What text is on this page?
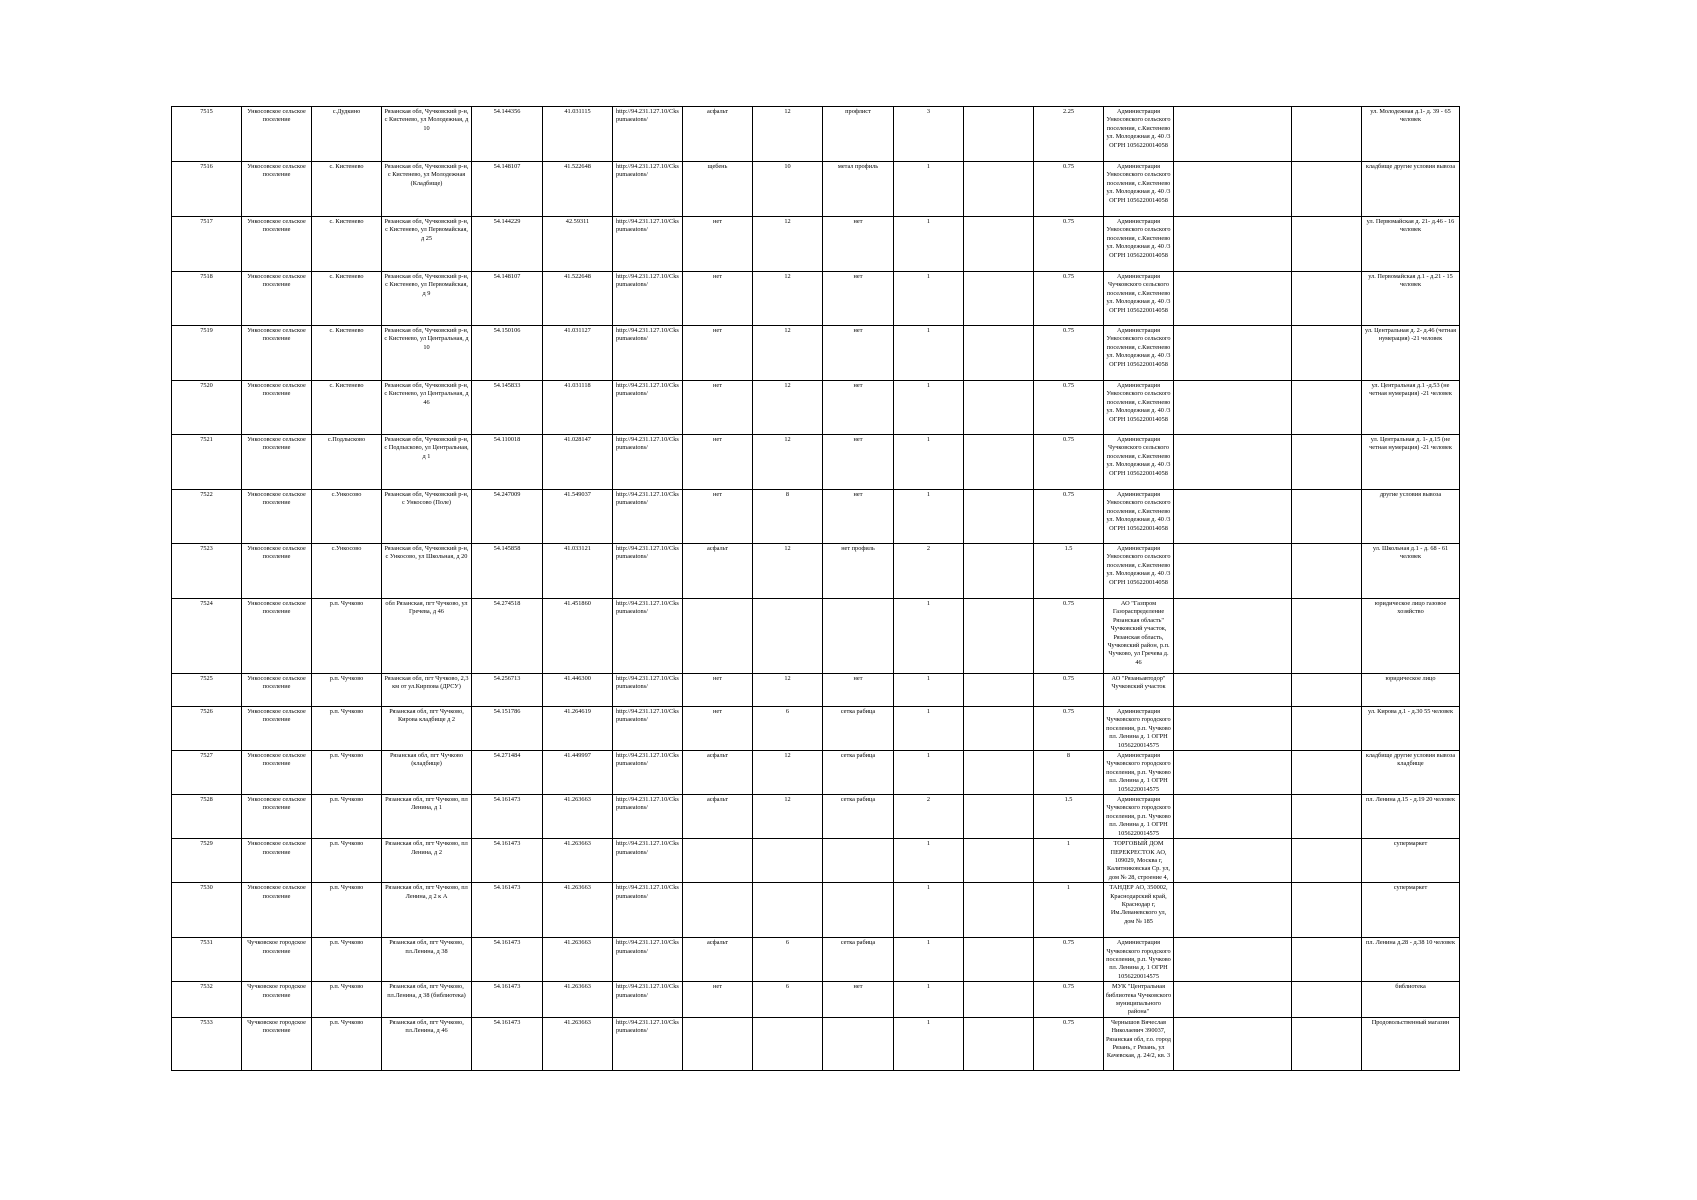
7515	Ункосовское сельское поселение	с.Дудкино	Рязанская обл, Чучковский р-н, с Кистенево, ул Молодежная, д 10	54.144356	41.031115	http://94.231.127.10/Ckspumaeatons/	асфальт	12	профлист	3		2.25	Администрация Ункосовского сельского поселения, с.Кистенево ул. Молодежная д. 40 /3 ОГРН 1056220014058			ул. Молодежная д.1- д. 39 - 65 человек
7516	Ункосовское сельское поселение	с. Кистенево	Рязанская обл, Чучковский р-н, с Кистенево, ул Молодежная (Кладбище)	54.148107	41.522648	http://94.231.127.10/Ckspumaeatons/	щебень	10	метал профиль	1		0.75	Администрация Ункосовского сельского поселения, с.Кистенево ул. Молодежная д. 40 /3 ОГРН 1056220014058			кладбище другие условия вывоза
7517	Ункосовское сельское поселение	с. Кистенево	Рязанская обл, Чучковский р-н, с Кистенево, ул Первомайская, д 25	54.144229	42.59311	http://94.231.127.10/Ckspumaeatons/	нет	12	нет	1		0.75	Администрация Ункосовского сельского поселения, с.Кистенево ул. Молодежная д. 40 /3 ОГРН 1056220014058			ул. Первомайская д. 21- д.46 - 16 человек
7518	Ункосовское сельское поселение	с. Кистенево	Рязанская обл, Чучковский р-н, с Кистенево, ул Первомайская, д 9	54.148107	41.522648	http://94.231.127.10/Ckspumaeatons/	нет	12	нет	1		0.75	Администрация Чучковского сельского поселения, с.Кистенево ул. Молодежная д. 40 /3 ОГРН 1056220014058			ул. Первомайская д.1 - д.21 - 15 человек
7519	Ункосовское сельское поселение	с. Кистенево	Рязанская обл, Чучковский р-н, с Кистенево, ул Центральная, д 10	54.150106	41.031127	http://94.231.127.10/Ckspumaeatons/	нет	12	нет	1		0.75	Администрация Ункосовского сельского поселения, с.Кистенево ул. Молодежная д. 40 /3 ОГРН 1056220014058			ул. Центральная д. 2- д.46 (четная нумерация) -21 человек
7520	Ункосовское сельское поселение	с. Кистенево	Рязанская обл, Чучковский р-н, с Кистенево, ул Центральная, д 46	54.145833	41.031118	http://94.231.127.10/Ckspumaeatons/	нет	12	нет	1		0.75	Администрация Ункосовского сельского поселения, с.Кистенево ул. Молодежная д. 40 /3 ОГРН 1056220014058			ул. Центральная д.1 -д.53 (не четная нумерация) -21 человек
7521	Ункосовское сельское поселение	с.Подлысково	Рязанская обл, Чучковский р-н, с Подлысково, ул Центральная, д 1	54.110018	41.028147	http://94.231.127.10/Ckspumaeatons/	нет	12	нет	1		0.75	Администрация Чучковского сельского поселения, с.Кистенево ул. Молодежная д. 40 /3 ОГРН 1056220014058			ул. Центральная д. 1- д.15 (не четная нумерация) -21 человек
7522	Ункосовское сельское поселение	с.Ункосово	Рязанская обл, Чучковский р-н, с Ункосово (Поле)	54.247009	41.549037	http://94.231.127.10/Ckspumaeatons/	нет	8	нет	1		0.75	Администрация Ункосовского сельского поселения, с.Кистенево ул. Молодежная д. 40 /3 ОГРН 1056220014058			другие условия вывоза
7523	Ункосовское сельское поселение	с.Ункосово	Рязанская обл, Чучковский р-н, с Ункосово, ул Школьная, д 20	54.145858	41.033121	http://94.231.127.10/Ckspumaeatons/	асфальт	12	нет профиль	2		1.5	Администрация Ункосовского сельского поселения, с.Кистенево ул. Молодежная д. 40 /3 ОГРН 1056220014058			ул. Школьная д.1 - д. 68 - 61 человек
7524	Ункосовское сельское поселение	р.п. Чучково	обл Рязанская, пгт Чучково, ул Гречева, д 46	54.274518	41.451860	http://94.231.127.10/Ckspumaeatons/				1		0.75	АО "Газпром Газораспределение Рязанская область" Чучковский участок, Рязанская область, Чучковский район, р.п. Чучково, ул Гречева д. 46			юридическое лицо газовое хозяйство
7525	Ункосовское сельское поселение	р.п. Чучково	Рязанская обл, пгт Чучково, 2,3 км от ул.Кирпова (ДРСУ)	54.256713	41.446300	http://94.231.127.10/Ckspumaeatons/	нет	12	нет	1		0.75	АО "Рязаньавтодор" Чучковский участок			юридическое лицо
7526	Ункосовское сельское поселение	р.п. Чучково	Рязанская обл, пгт Чучково, Кирова кладбище д 2	54.151786	41.264619	http://94.231.127.10/Ckspumaeatons/	нет	6	сетка рабица	1		0.75	Администрация Чучковского городского поселения, р.п. Чучково пл. Ленина д. 1 ОГРН 1056220014575			ул. Кирова д.1 - д.30 55 человек
7527	Ункосовское сельское поселение	р.п. Чучково	Рязанская обл, пгт Чучково (кладбище)	54.271484	41.449997	http://94.231.127.10/Ckspumaeatons/	асфальт	12	сетка рабица	1		8	Администрация Чучковского городского поселения, р.п. Чучково пл. Ленина д. 1 ОГРН 1056220014575			кладбище другие условия вывоза кладбище
7528	Ункосовское сельское поселение	р.п. Чучково	Рязанская обл, пгт Чучково, пл Ленина, д 1	54.161473	41.263663	http://94.231.127.10/Ckspumaeatons/	асфальт	12	сетка рабица	2		1.5	Администрация Чучковского городского поселения, р.п. Чучково пл. Ленина д. 1 ОГРН 1056220014575			пл. Ленина д.15 - д.19 20 человек
7529	Ункосовское сельское поселение	р.п. Чучково	Рязанская обл, пгт Чучково, пл Ленина, д 2	54.161473	41.263663	http://94.231.127.10/Ckspumaeatons/				1		1	ТОРГОВЫЙ ДОМ ПЕРЕКРЕСТОК АО, 109029, Москва г, Калитниковская Ср. ул, дом № 28, строение 4,			супермаркет
7530	Ункосовское сельское поселение	р.п. Чучково	Рязанская обл, пгт Чучково, пл Ленина, д 2 к А	54.161473	41.263663	http://94.231.127.10/Ckspumaeatons/				1		1	ТАНДЕР АО, 350002, Краснодарский край, Краснодар г, Им.Леваневского ул, дом № 185			супермаркет
7531	Чучковское городское поселение	р.п. Чучково	Рязанская обл, пгт Чучково, пл.Ленина, д 38	54.161473	41.263663	http://94.231.127.10/Ckspumaeatons/	асфальт	6	сетка рабица	1		0.75	Администрация Чучковского городского поселения, р.п. Чучково пл. Ленина д. 1 ОГРН 1056220014575			пл. Ленина д.28 - д.38 10 человек
7532	Чучковское городское поселение	р.п. Чучково	Рязанская обл, пгт Чучково, пл.Ленина, д 38 (библиотека)	54.161473	41.263663	http://94.231.127.10/Ckspumaeatons/	нет	6	нет	1		0.75	МУК "Центральная библиотека Чучковского муниципального района"			библиотека
7533	Чучковское городское поселение	р.п. Чучково	Рязанская обл, пгт Чучково, пл.Ленина, д 46	54.161473	41.263663	http://94.231.127.10/Ckspumaeatons/				1		0.75	Чернышов Вячеслав Николаевич 390037, Рязанская обл, г.о. город Рязань, г Рязань, ул Качевская, д. 24/2, кв. 3			Продовольственный магазин
